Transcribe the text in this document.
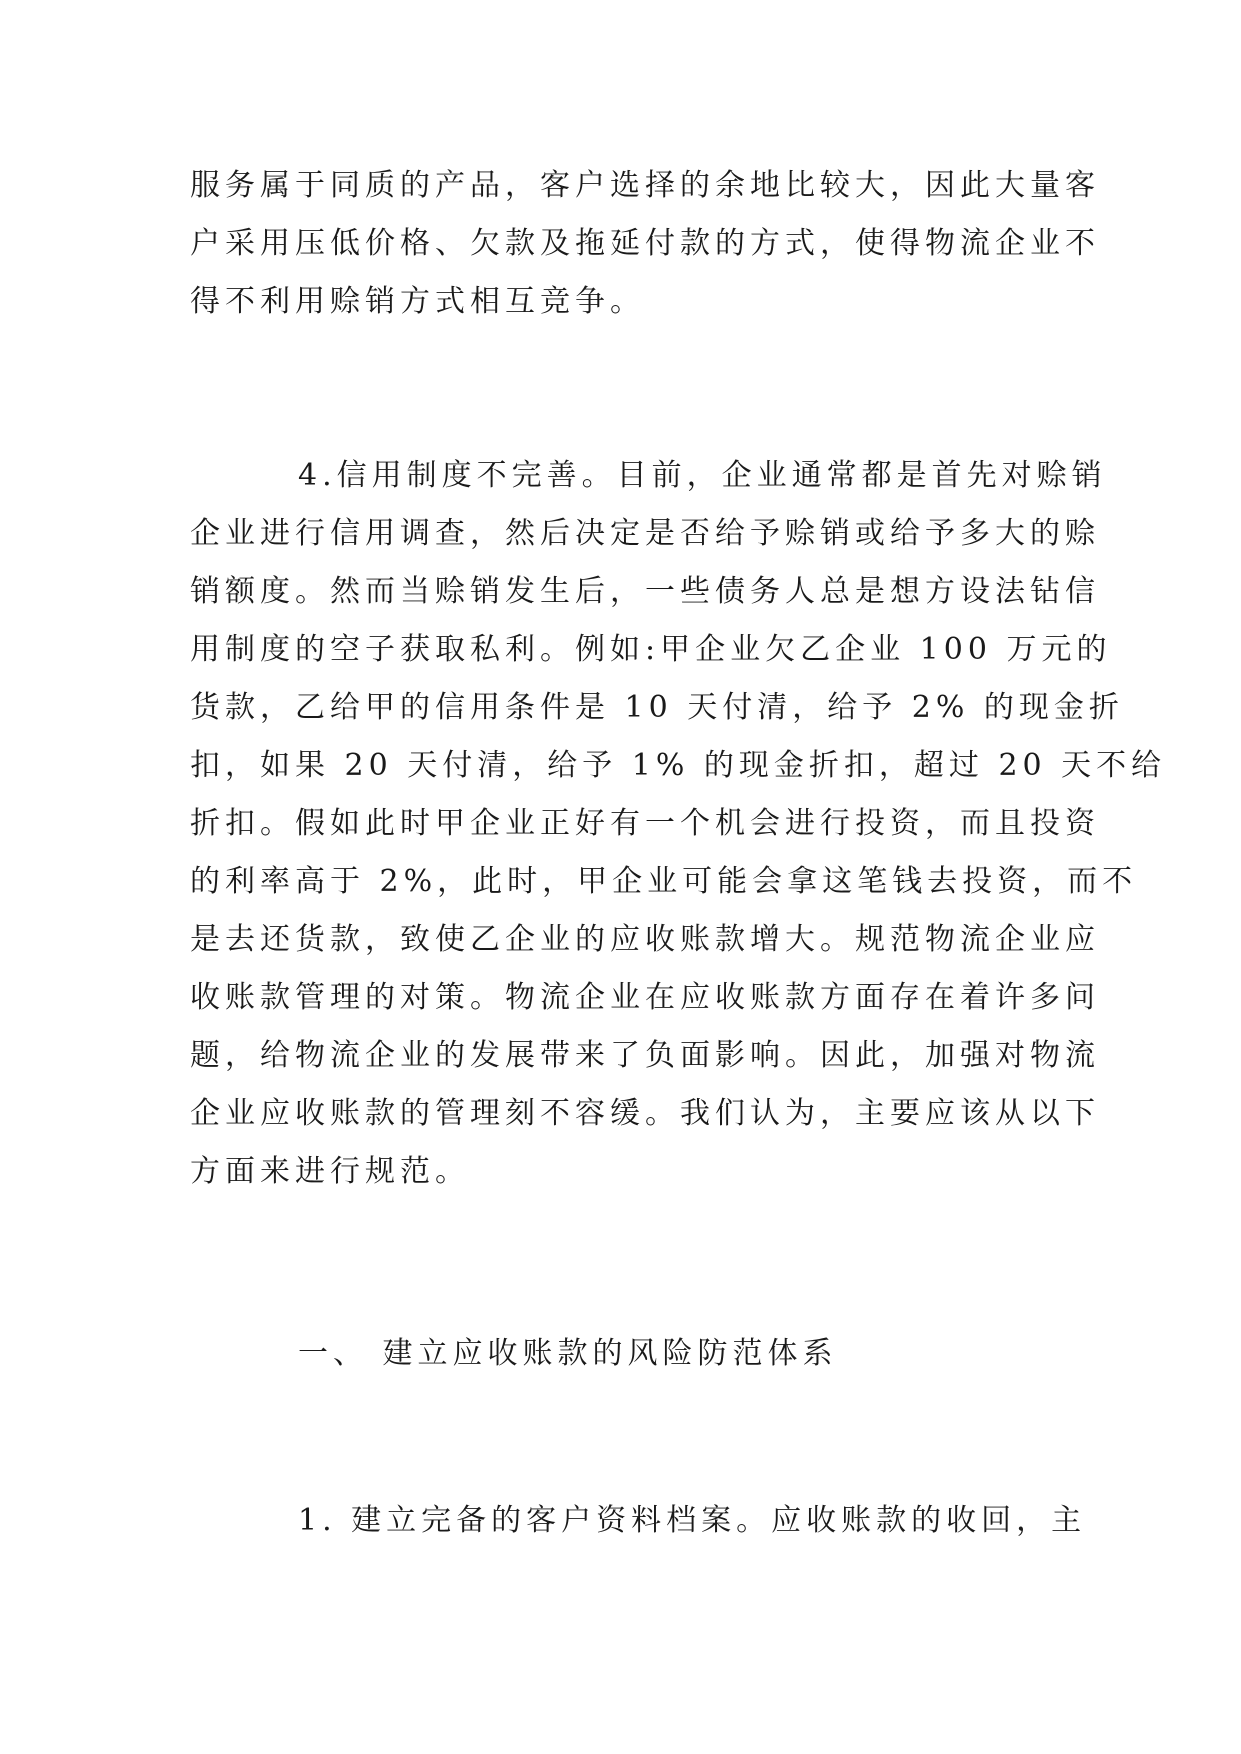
服务属于同质的产品，客户选择的余地比较大，因此大量客
户采用压低价格、欠款及拖延付款的方式，使得物流企业不
得不利用赊销方式相互竞争。
4.信用制度不完善。目前，企业通常都是首先对赊销
企业进行信用调查，然后决定是否给予赊销或给予多大的赊
销额度。然而当赊销发生后，一些债务人总是想方设法钻信
用制度的空子获取私利。例如:甲企业欠乙企业 100 万元的
货款，乙给甲的信用条件是 10 天付清，给予 2% 的现金折
扣，如果 20 天付清，给予 1% 的现金折扣，超过 20 天不给
折扣。假如此时甲企业正好有一个机会进行投资，而且投资
的利率高于 2%，此时，甲企业可能会拿这笔钱去投资，而不
是去还货款，致使乙企业的应收账款增大。规范物流企业应
收账款管理的对策。物流企业在应收账款方面存在着许多问
题，给物流企业的发展带来了负面影响。因此，加强对物流
企业应收账款的管理刻不容缓。我们认为，主要应该从以下
方面来进行规范。
一、 建立应收账款的风险防范体系
1. 建立完备的客户资料档案。应收账款的收回，主
